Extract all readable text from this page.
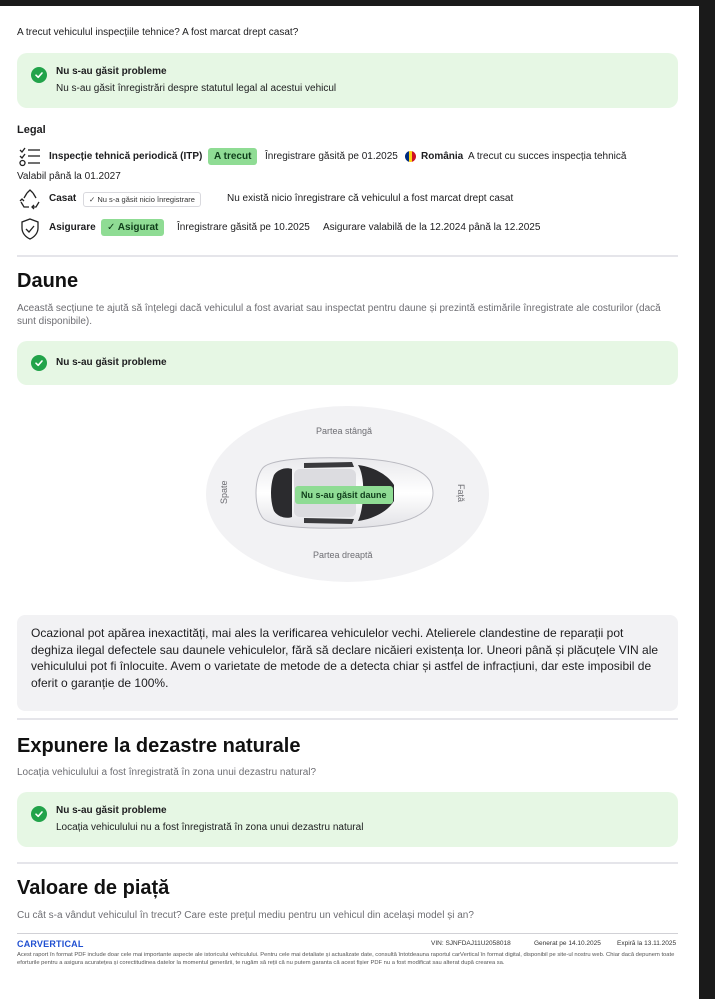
A trecut vehiculul inspecțiile tehnice? A fost marcat drept casat?
Nu s-au găsit probleme
Nu s-au găsit înregistrări despre statutul legal al acestui vehicul
Legal
Inspecție tehnică periodică (ITP)	A trecut	Înregistrare găsită pe 01.2025 România A trecut cu succes inspecția tehnică
Valabil până la 01.2027
Casat	✓ Nu s-a găsit nicio înregistrare	Nu există nicio înregistrare că vehiculul a fost marcat drept casat
Asigurare	✓ Asigurat	Înregistrare găsită pe 10.2025 Asigurare valabilă de la 12.2024 până la 12.2025
Daune
Această secțiune te ajută să înțelegi dacă vehiculul a fost avariat sau inspectat pentru daune și prezintă estimările înregistrate ale costurilor (dacă sunt disponibile).
Nu s-au găsit probleme
Partea stângă
Partea dreaptă
Spate	Față
Nu s-au găsit daune
Ocazional pot apărea inexactități, mai ales la verificarea vehiculelor vechi. Atelierele clandestine de reparații pot deghiza ilegal defectele sau daunele vehiculelor, fără să declare nicăieri existența lor. Uneori până și plăcuțele VIN ale vehiculului pot fi înlocuite. Avem o varietate de metode de a detecta chiar și astfel de infracțiuni, dar este imposibil de oferit o garanție de 100%.
Expunere la dezastre naturale
Locația vehiculului a fost înregistrată în zona unui dezastru natural?
Nu s-au găsit probleme
Locația vehiculului nu a fost înregistrată în zona unui dezastru natural
Valoare de piață
Cu cât s-a vândut vehiculul în trecut? Care este prețul mediu pentru un vehicul din același model și an?
CARVERTICAL	VIN: SJNFDAJ11U2058018	Generat pe 14.10.2025 Expiră la 13.11.2025
Acest raport în format PDF include doar cele mai importante aspecte ale istoricului vehiculului. Pentru cele mai detaliate și actualizate date, consultă întotdeauna raportul carVertical în format digital, disponibil pe site-ul nostru web. Chiar dacă depunem toate eforturile pentru a asigura acuratețea și corectitudinea datelor la momentul generării, te rugăm să reții că nu putem garanta că acest fișier PDF nu a fost modificat sau alterat după crearea sa.
AUTOVIT.ro
